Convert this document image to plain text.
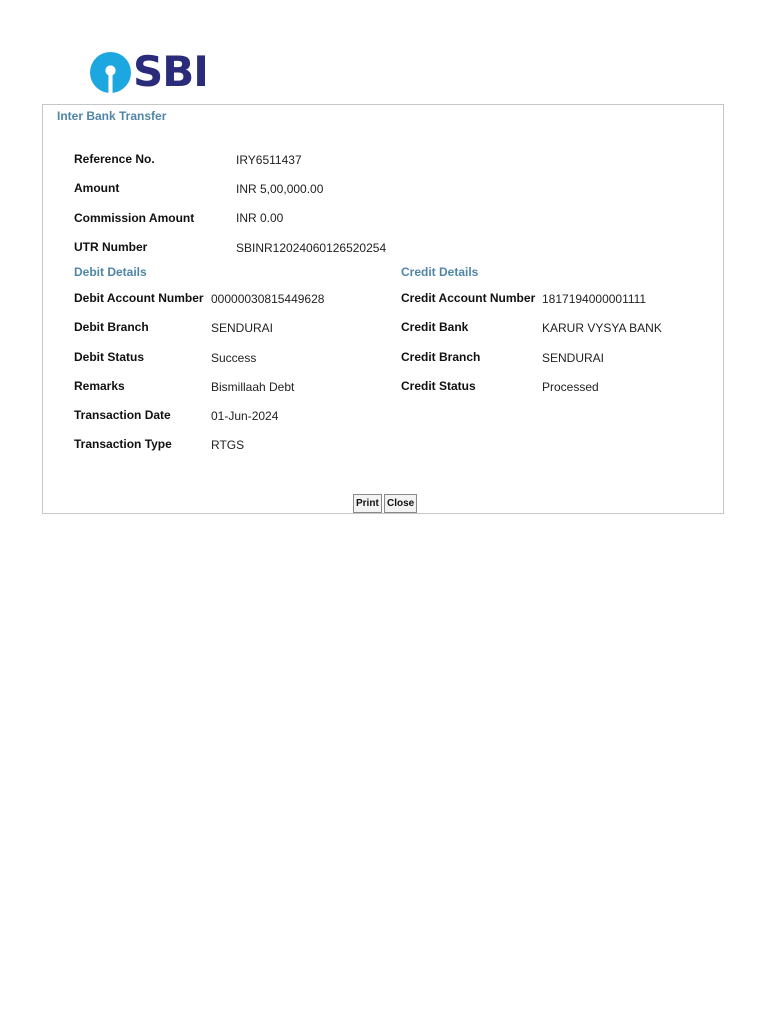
SBI
Inter Bank Transfer
Reference No.	IRY6511437
Amount	INR 5,00,000.00
Commission Amount	INR 0.00
UTR Number	SBINR12024060126520254
Debit Details
Debit Account Number 00000030815449628
Debit Branch	SENDURAI
Debit Status	Success
Remarks	Bismillaah Debt
Transaction Date	01-Jun-2024
Transaction Type	RTGS
Credit Details
Credit Account Number 1817194000001111
Credit Bank	KARUR VYSYA BANK
Credit Branch	SENDURAI
Credit Status	Processed
Print Close
